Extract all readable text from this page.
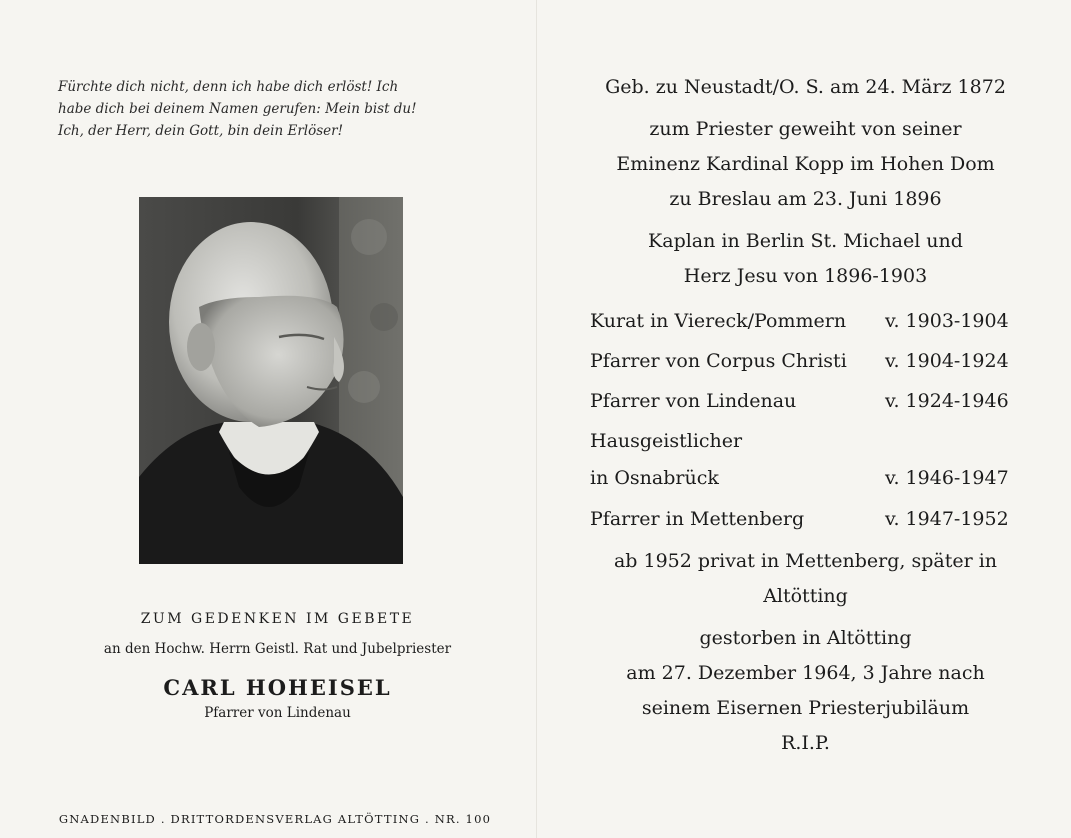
Fürchte dich nicht, denn ich habe dich erlöst! Ich
habe dich bei deinem Namen gerufen: Mein bist du!
Ich, der Herr, dein Gott, bin dein Erlöser!
ZUM GEDENKEN IM GEBETE
an den Hochw. Herrn Geistl. Rat und Jubelpriester
CARL HOHEISEL
Pfarrer von Lindenau
GNADENBILD . DRITTORDENSVERLAG ALTÖTTING . NR. 100
Geb. zu Neustadt/O. S. am 24. März 1872
zum Priester geweiht von seiner
Eminenz Kardinal Kopp im Hohen Dom
zu Breslau am 23. Juni 1896
Kaplan in Berlin St. Michael und
Herz Jesu von 1896-1903
Kurat in Viereck/Pommern v. 1903-1904
Pfarrer von Corpus Christi v. 1904-1924
Pfarrer von Lindenau	v. 1924-1946
Hausgeistlicher
in Osnabrück	v. 1946-1947
Pfarrer in Mettenberg	v. 1947-1952
ab 1952 privat in Mettenberg, später in
Altötting
gestorben in Altötting
am 27. Dezember 1964, 3 Jahre nach
seinem Eisernen Priesterjubiläum
R.I.P.
